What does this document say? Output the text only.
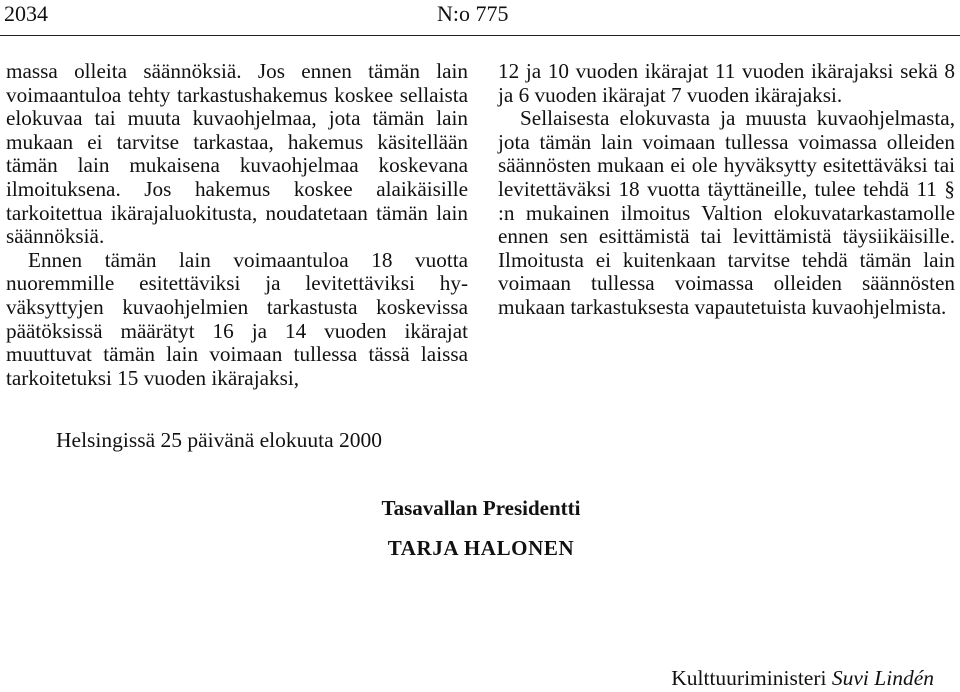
2034	N:o 775

massa olleita säännöksiä. Jos ennen tämän lain voimaantuloa tehty tarkastushakemus koskee sellaista elokuvaa tai muuta kuvaohjelmaa, jota tämän lain mukaan ei tarvitse tarkastaa, hakemus käsitellään tämän lain mukaisena kuvaohjelmaa koskevana ilmoituksena. Jos hakemus koskee alaikäisille tarkoitettua ikärajaluokitusta, noudatetaan tämän lain säännöksiä.

Ennen tämän lain voimaantuloa 18 vuotta nuoremmille esitettäviksi ja levitettäviksi hyväksyttyjen kuvaohjelmien tarkastusta koskevissa päätöksissä määrätyt 16 ja 14 vuoden ikärajat muuttuvat tämän lain voimaan tullessa tässä laissa tarkoitetuksi 15 vuoden ikärajaksi,

12 ja 10 vuoden ikärajat 11 vuoden ikärajaksi sekä 8 ja 6 vuoden ikärajat 7 vuoden ikärajaksi.

Sellaisesta elokuvasta ja muusta kuvaohjelmasta, jota tämän lain voimaan tullessa voimassa olleiden säännösten mukaan ei ole hyväksytty esitettäväksi tai levitettäväksi 18 vuotta täyttäneille, tulee tehdä 11 § :n mukainen ilmoitus Valtion elokuvatarkastamolle ennen sen esittämistä tai levittämistä täysiikäisille. Ilmoitusta ei kuitenkaan tarvitse tehdä tämän lain voimaan tullessa voimassa olleiden säännösten mukaan tarkastuksesta vapautetuista kuvaohjelmista.

Helsingissä 25 päivänä elokuuta 2000
Tasavallan Presidentti
TARJA HALONEN
Kulttuuriministeri Suvi Lindén
